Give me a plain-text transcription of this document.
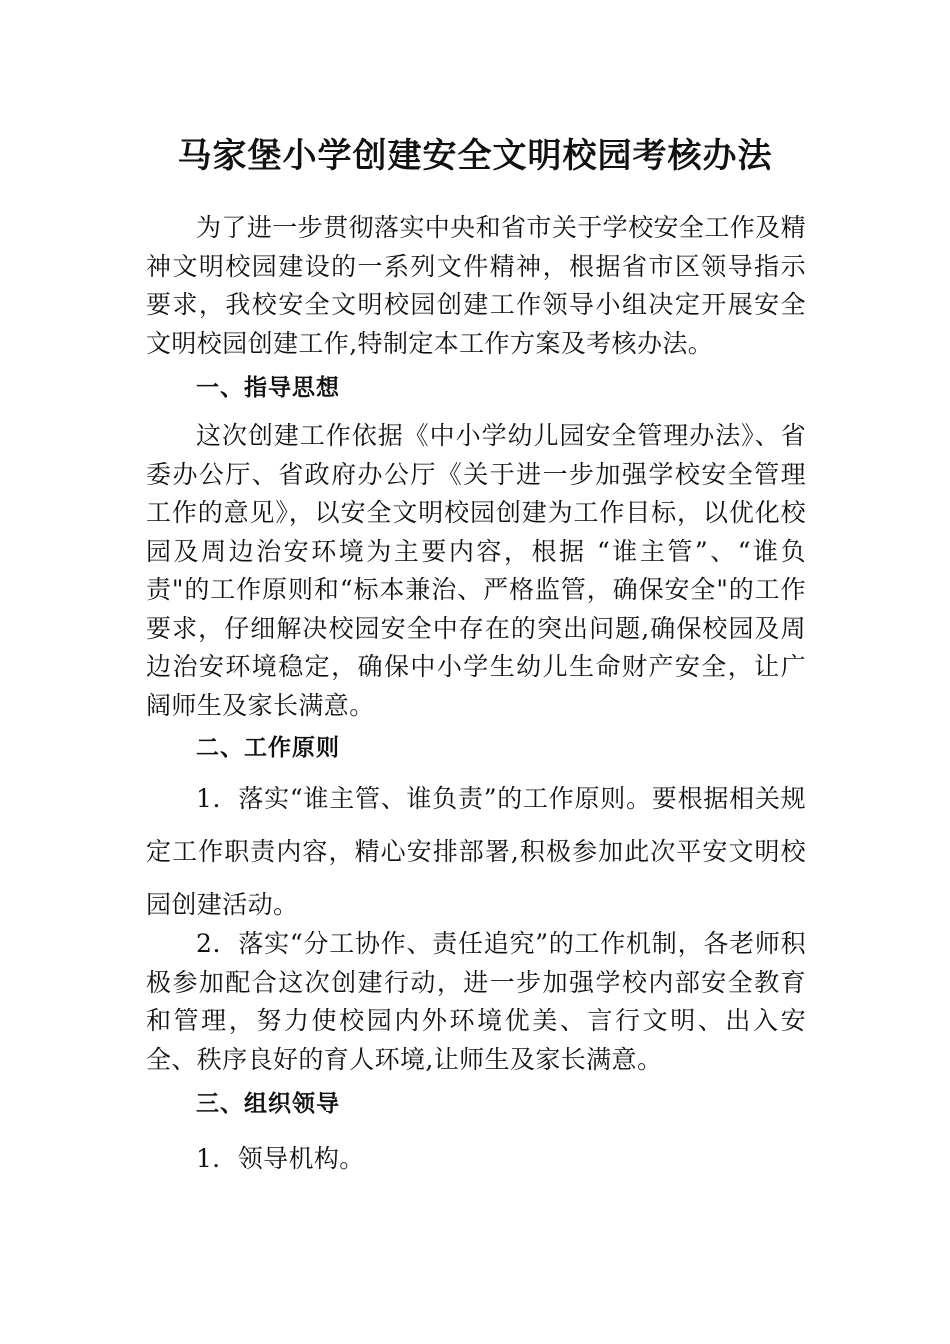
马家堡小学创建安全文明校园考核办法

为了进一步贯彻落实中央和省市关于学校安全工作及精神文明校园建设的一系列文件精神，根据省市区领导指示要求，我校安全文明校园创建工作领导小组决定开展安全文明校园创建工作,特制定本工作方案及考核办法。

一、指导思想

这次创建工作依据《中小学幼儿园安全管理办法》、省委办公厅、省政府办公厅《关于进一步加强学校安全管理工作的意见》，以安全文明校园创建为工作目标，以优化校园及周边治安环境为主要内容，根据 “谁主管”、“谁负责"的工作原则和“标本兼治、严格监管，确保安全"的工作要求，仔细解决校园安全中存在的突出问题,确保校园及周边治安环境稳定，确保中小学生幼儿生命财产安全，让广阔师生及家长满意。

二、工作原则

1．落实“谁主管、谁负责”的工作原则。要根据相关规定工作职责内容，精心安排部署,积极参加此次平安文明校园创建活动。

2．落实“分工协作、责任追究”的工作机制，各老师积极参加配合这次创建行动，进一步加强学校内部安全教育和管理，努力使校园内外环境优美、言行文明、出入安全、秩序良好的育人环境,让师生及家长满意。

三、组织领导

1．领导机构。
